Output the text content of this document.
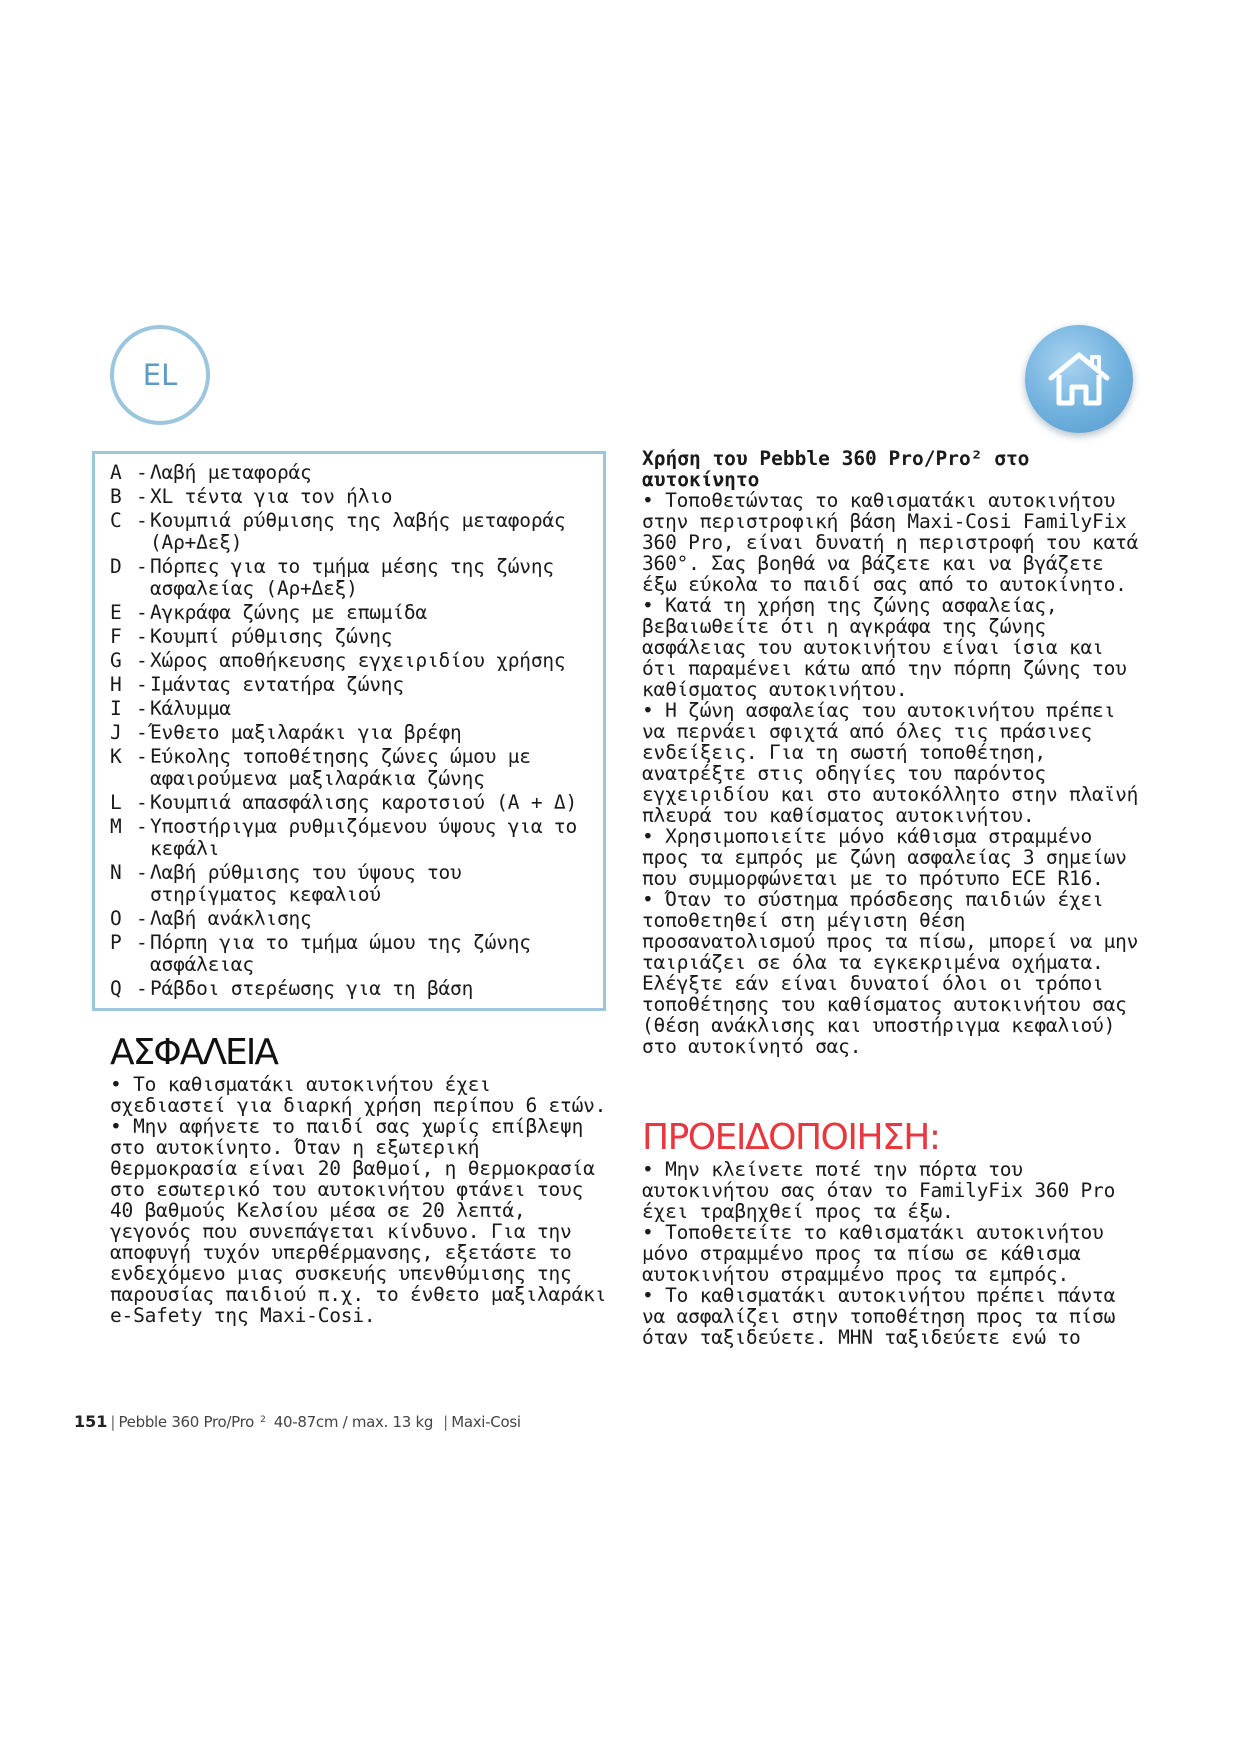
EL
A - Λαβή μεταφοράς
B - XL τέντα για τον ήλιο
C - Κουμπιά ρύθμισης της λαβής μεταφοράς (Αρ+Δεξ)
D - Πόρπες για το τμήμα μέσης της ζώνης ασφαλείας (Αρ+Δεξ)
E - Αγκράφα ζώνης με επωμίδα
F - Κουμπί ρύθμισης ζώνης
G - Χώρος αποθήκευσης εγχειριδίου χρήσης
H - Ιμάντας εντατήρα ζώνης
I - Κάλυμμα
J - Ένθετο μαξιλαράκι για βρέφη
K - Εύκολης τοποθέτησης ζώνες ώμου με αφαιρούμενα μαξιλαράκια ζώνης
L - Κουμπιά απασφάλισης καροτσιού (Α + Δ)
M - Υποστήριγμα ρυθμιζόμενου ύψους για το κεφάλι
N - Λαβή ρύθμισης του ύψους του στηρίγματος κεφαλιού
O - Λαβή ανάκλισης
P - Πόρπη για το τμήμα ώμου της ζώνης ασφάλειας
Q - Ράβδοι στερέωσης για τη βάση
ΑΣΦΑΛΕΙΑ

• Το καθισματάκι αυτοκινήτου έχει σχεδιαστεί για διαρκή χρήση περίπου 6 ετών.

• Μην αφήνετε το παιδί σας χωρίς επίβλεψη στο αυτοκίνητο. Όταν η εξωτερική θερμοκρασία είναι 20 βαθμοί, η θερμοκρασία στο εσωτερικό του αυτοκινήτου φτάνει τους 40 βαθμούς Κελσίου μέσα σε 20 λεπτά, γεγονός που συνεπάγεται κίνδυνο. Για την αποφυγή τυχόν υπερθέρμανσης, εξετάστε το ενδεχόμενο μιας συσκευής υπενθύμισης της παρουσίας παιδιού π.χ. το ένθετο μαξιλαράκι e-Safety της Maxi-Cosi.

Χρήση του Pebble 360 Pro/Pro² στο αυτοκίνητο

• Τοποθετώντας το καθισματάκι αυτοκινήτου στην περιστροφική βάση Maxi-Cosi FamilyFix 360 Pro, είναι δυνατή η περιστροφή του κατά 360°. Σας βοηθά να βάζετε και να βγάζετε έξω εύκολα το παιδί σας από το αυτοκίνητο.

• Κατά τη χρήση της ζώνης ασφαλείας, βεβαιωθείτε ότι η αγκράφα της ζώνης ασφάλειας του αυτοκινήτου είναι ίσια και ότι παραμένει κάτω από την πόρπη ζώνης του καθίσματος αυτοκινήτου.

• Η ζώνη ασφαλείας του αυτοκινήτου πρέπει να περνάει σφιχτά από όλες τις πράσινες ενδείξεις. Για τη σωστή τοποθέτηση, ανατρέξτε στις οδηγίες του παρόντος εγχειριδίου και στο αυτοκόλλητο στην πλαϊνή πλευρά του καθίσματος αυτοκινήτου.

• Χρησιμοποιείτε μόνο κάθισμα στραμμένο προς τα εμπρός με ζώνη ασφαλείας 3 σημείων που συμμορφώνεται με το πρότυπο ECE R16.

• Όταν το σύστημα πρόσδεσης παιδιών έχει τοποθετηθεί στη μέγιστη θέση προσανατολισμού προς τα πίσω, μπορεί να μην ταιριάζει σε όλα τα εγκεκριμένα οχήματα. Ελέγξτε εάν είναι δυνατοί όλοι οι τρόποι τοποθέτησης του καθίσματος αυτοκινήτου σας (θέση ανάκλισης και υποστήριγμα κεφαλιού) στο αυτοκίνητό σας.

ΠΡΟΕΙΔΟΠΟΙΗΣΗ:

• Μην κλείνετε ποτέ την πόρτα του αυτοκινήτου σας όταν το FamilyFix 360 Pro έχει τραβηχθεί προς τα έξω.

• Τοποθετείτε το καθισματάκι αυτοκινήτου μόνο στραμμένο προς τα πίσω σε κάθισμα αυτοκινήτου στραμμένο προς τα εμπρός.

• Το καθισματάκι αυτοκινήτου πρέπει πάντα να ασφαλίζει στην τοποθέτηση προς τα πίσω όταν ταξιδεύετε. ΜΗΝ ταξιδεύετε ενώ το

151 | Pebble 360 Pro/Pro $^2$ 40-87cm / max. 13 kg | Maxi-Cosi
